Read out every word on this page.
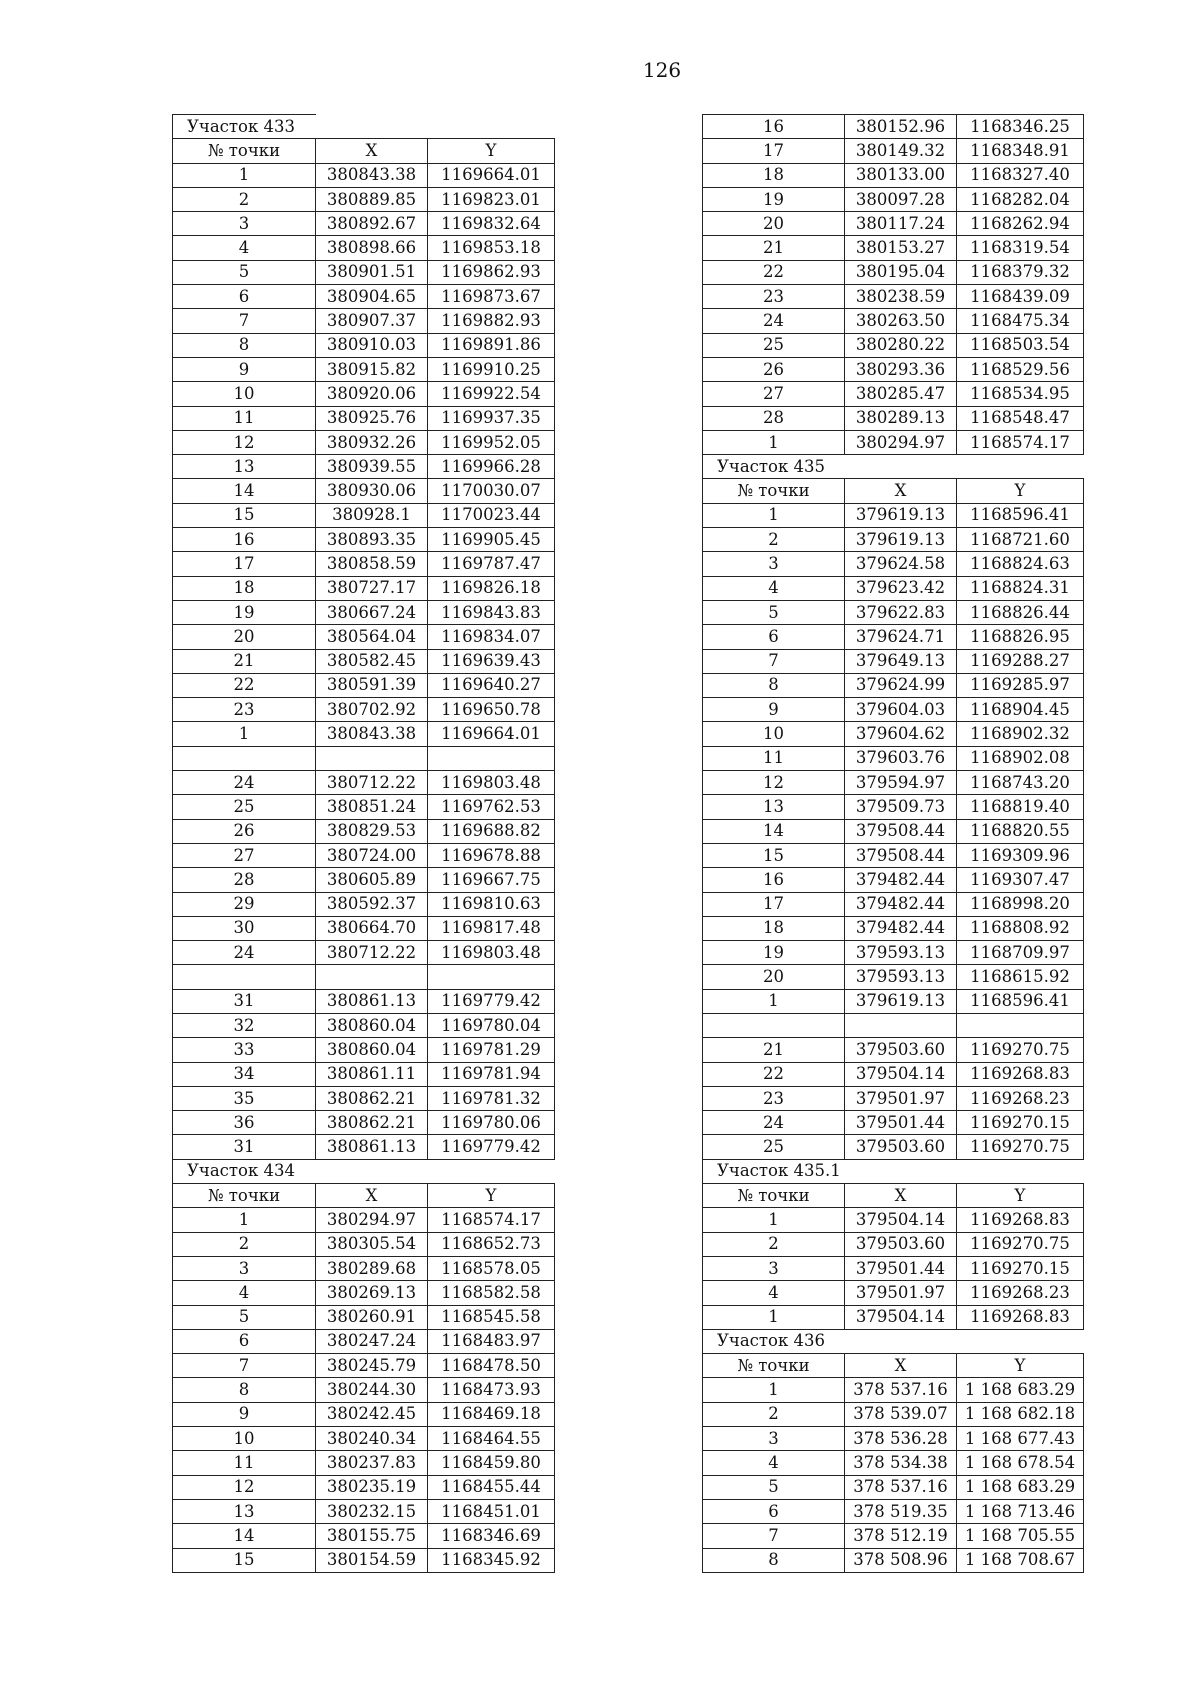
126
Участок 433		
№ точки	X	Y
1	380843.38	1169664.01
2	380889.85	1169823.01
3	380892.67	1169832.64
4	380898.66	1169853.18
5	380901.51	1169862.93
6	380904.65	1169873.67
7	380907.37	1169882.93
8	380910.03	1169891.86
9	380915.82	1169910.25
10	380920.06	1169922.54
11	380925.76	1169937.35
12	380932.26	1169952.05
13	380939.55	1169966.28
14	380930.06	1170030.07
15	380928.1	1170023.44
16	380893.35	1169905.45
17	380858.59	1169787.47
18	380727.17	1169826.18
19	380667.24	1169843.83
20	380564.04	1169834.07
21	380582.45	1169639.43
22	380591.39	1169640.27
23	380702.92	1169650.78
1	380843.38	1169664.01

24	380712.22	1169803.48
25	380851.24	1169762.53
26	380829.53	1169688.82
27	380724.00	1169678.88
28	380605.89	1169667.75
29	380592.37	1169810.63
30	380664.70	1169817.48
24	380712.22	1169803.48

31	380861.13	1169779.42
32	380860.04	1169780.04
33	380860.04	1169781.29
34	380861.11	1169781.94
35	380862.21	1169781.32
36	380862.21	1169780.06
31	380861.13	1169779.42
Участок 434		
№ точки	X	Y
1	380294.97	1168574.17
2	380305.54	1168652.73
3	380289.68	1168578.05
4	380269.13	1168582.58
5	380260.91	1168545.58
6	380247.24	1168483.97
7	380245.79	1168478.50
8	380244.30	1168473.93
9	380242.45	1168469.18
10	380240.34	1168464.55
11	380237.83	1168459.80
12	380235.19	1168455.44
13	380232.15	1168451.01
14	380155.75	1168346.69
15	380154.59	1168345.92
16	380152.96	1168346.25
17	380149.32	1168348.91
18	380133.00	1168327.40
19	380097.28	1168282.04
20	380117.24	1168262.94
21	380153.27	1168319.54
22	380195.04	1168379.32
23	380238.59	1168439.09
24	380263.50	1168475.34
25	380280.22	1168503.54
26	380293.36	1168529.56
27	380285.47	1168534.95
28	380289.13	1168548.47
1	380294.97	1168574.17
Участок 435		
№ точки	X	Y
1	379619.13	1168596.41
2	379619.13	1168721.60
3	379624.58	1168824.63
4	379623.42	1168824.31
5	379622.83	1168826.44
6	379624.71	1168826.95
7	379649.13	1169288.27
8	379624.99	1169285.97
9	379604.03	1168904.45
10	379604.62	1168902.32
11	379603.76	1168902.08
12	379594.97	1168743.20
13	379509.73	1168819.40
14	379508.44	1168820.55
15	379508.44	1169309.96
16	379482.44	1169307.47
17	379482.44	1168998.20
18	379482.44	1168808.92
19	379593.13	1168709.97
20	379593.13	1168615.92
1	379619.13	1168596.41

21	379503.60	1169270.75
22	379504.14	1169268.83
23	379501.97	1169268.23
24	379501.44	1169270.15
25	379503.60	1169270.75
Участок 435.1		
№ точки	X	Y
1	379504.14	1169268.83
2	379503.60	1169270.75
3	379501.44	1169270.15
4	379501.97	1169268.23
1	379504.14	1169268.83
Участок 436		
№ точки	X	Y
1	378 537.16	1 168 683.29
2	378 539.07	1 168 682.18
3	378 536.28	1 168 677.43
4	378 534.38	1 168 678.54
5	378 537.16	1 168 683.29
6	378 519.35	1 168 713.46
7	378 512.19	1 168 705.55
8	378 508.96	1 168 708.67
